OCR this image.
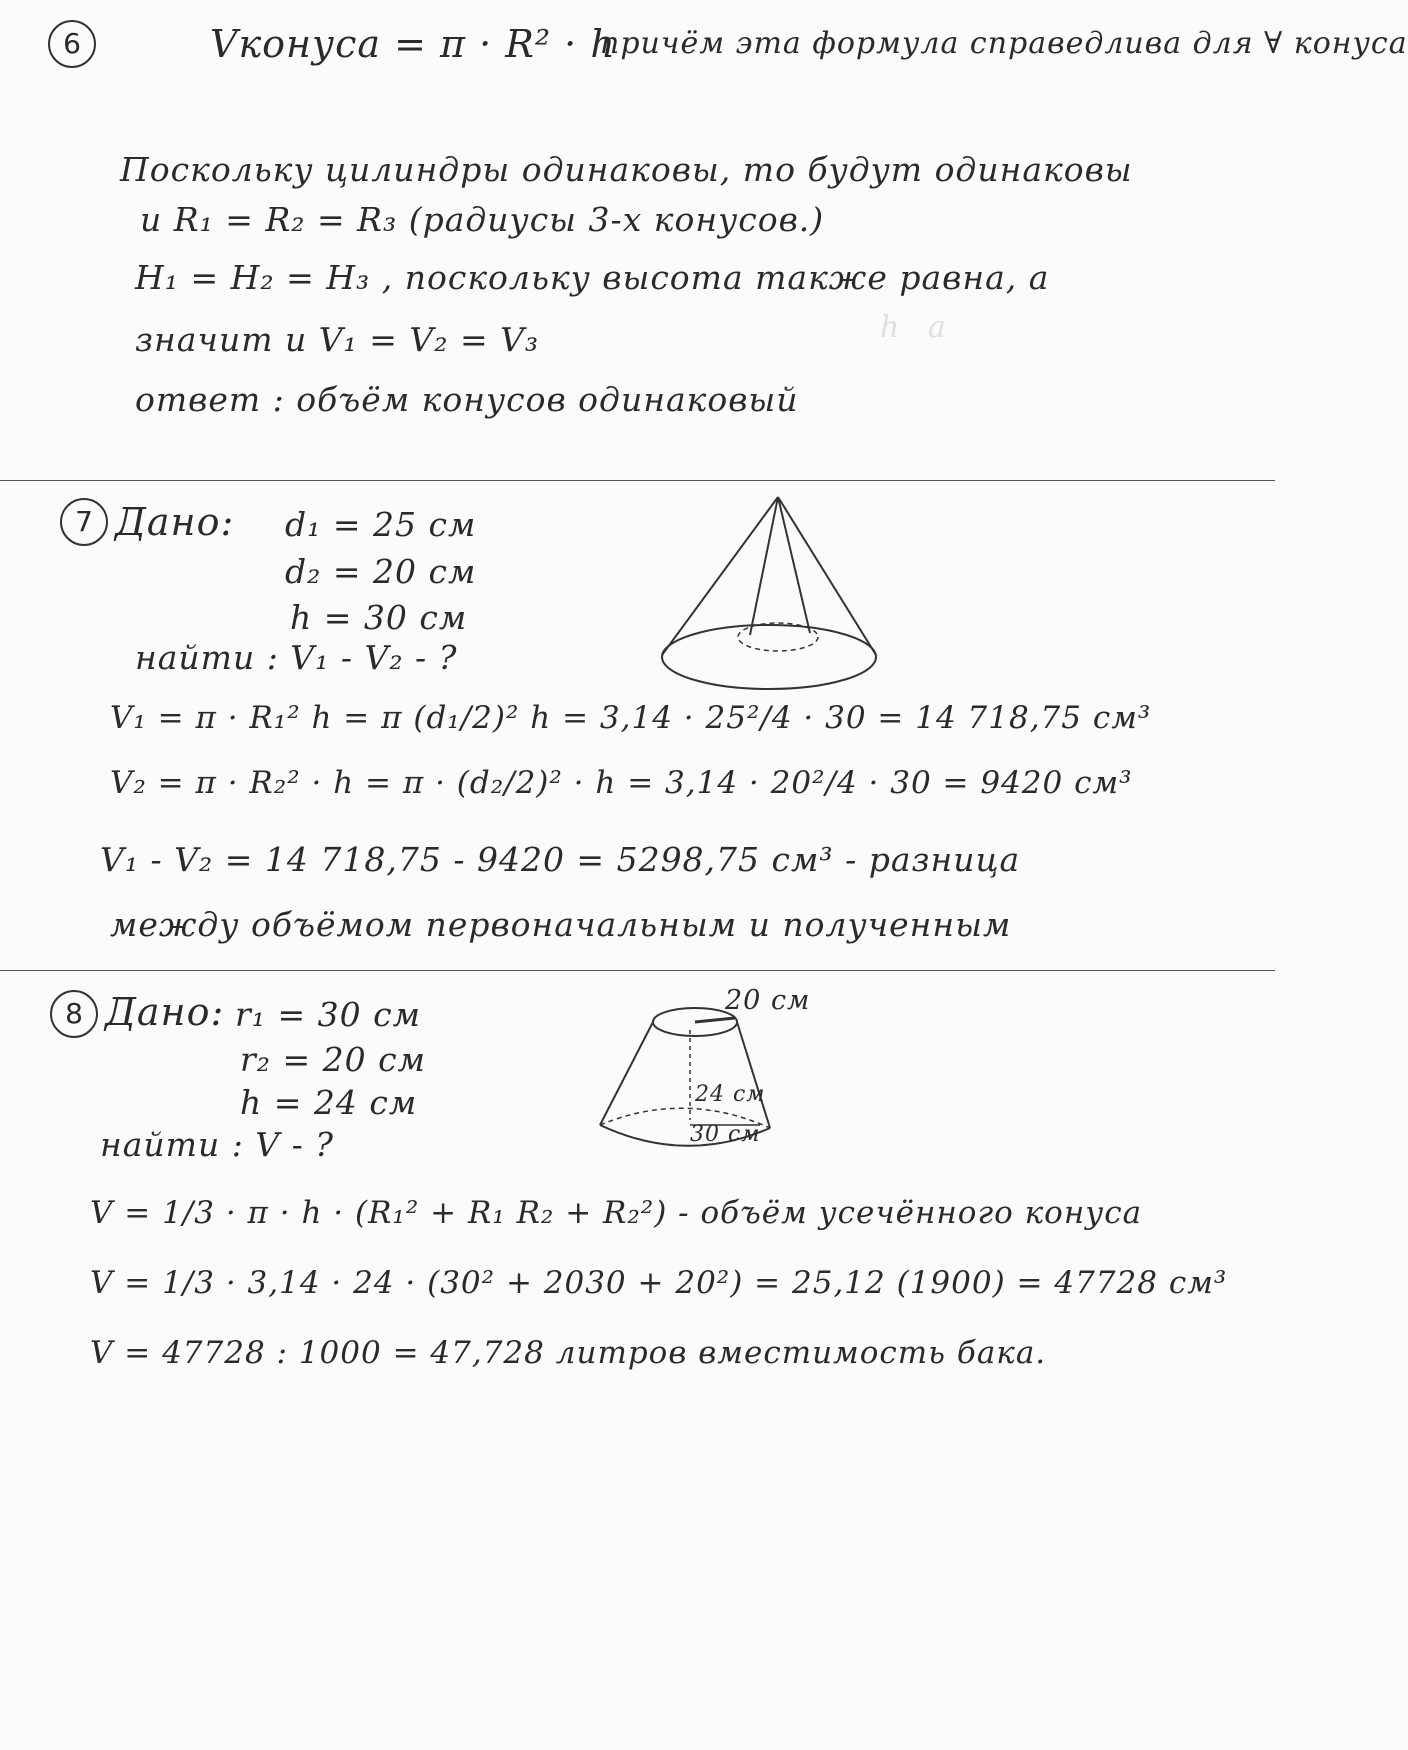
h   a
6	Vконуса = π · R² · h
причём эта формула справедлива для ∀ конуса
Поскольку цилиндры одинаковы, то будут одинаковы
и R₁ = R₂ = R₃ (радиусы 3-х конусов.)
H₁ = H₂ = H₃ , поскольку высота также равна, а
значит и V₁ = V₂ = V₃
ответ : объём конусов одинаковый
7 Дано: d₁ = 25 см
d₂ = 20 см
h = 30 см
найти : V₁ - V₂ - ?
V₁ = π · R₁² h = π (d₁/2)² h = 3,14 · 25²/4 · 30 = 14 718,75 см³
V₂ = π · R₂² · h = π · (d₂/2)² · h = 3,14 · 20²/4 · 30 = 9420 см³
V₁ - V₂ = 14 718,75 - 9420 = 5298,75 см³ - разница
между объёмом первоначальным и полученным
8 Дано: r₁ = 30 см
r₂ = 20 см
h = 24 см
найти : V - ?
20 см
24 см
30 см
V = 1/3 · π · h · (R₁² + R₁ R₂ + R₂²) - объём усечённого конуса
V = 1/3 · 3,14 · 24 · (30² + 2030 + 20²) = 25,12 (1900) = 47728 см³
V = 47728 : 1000 = 47,728 литров вместимость бака.
